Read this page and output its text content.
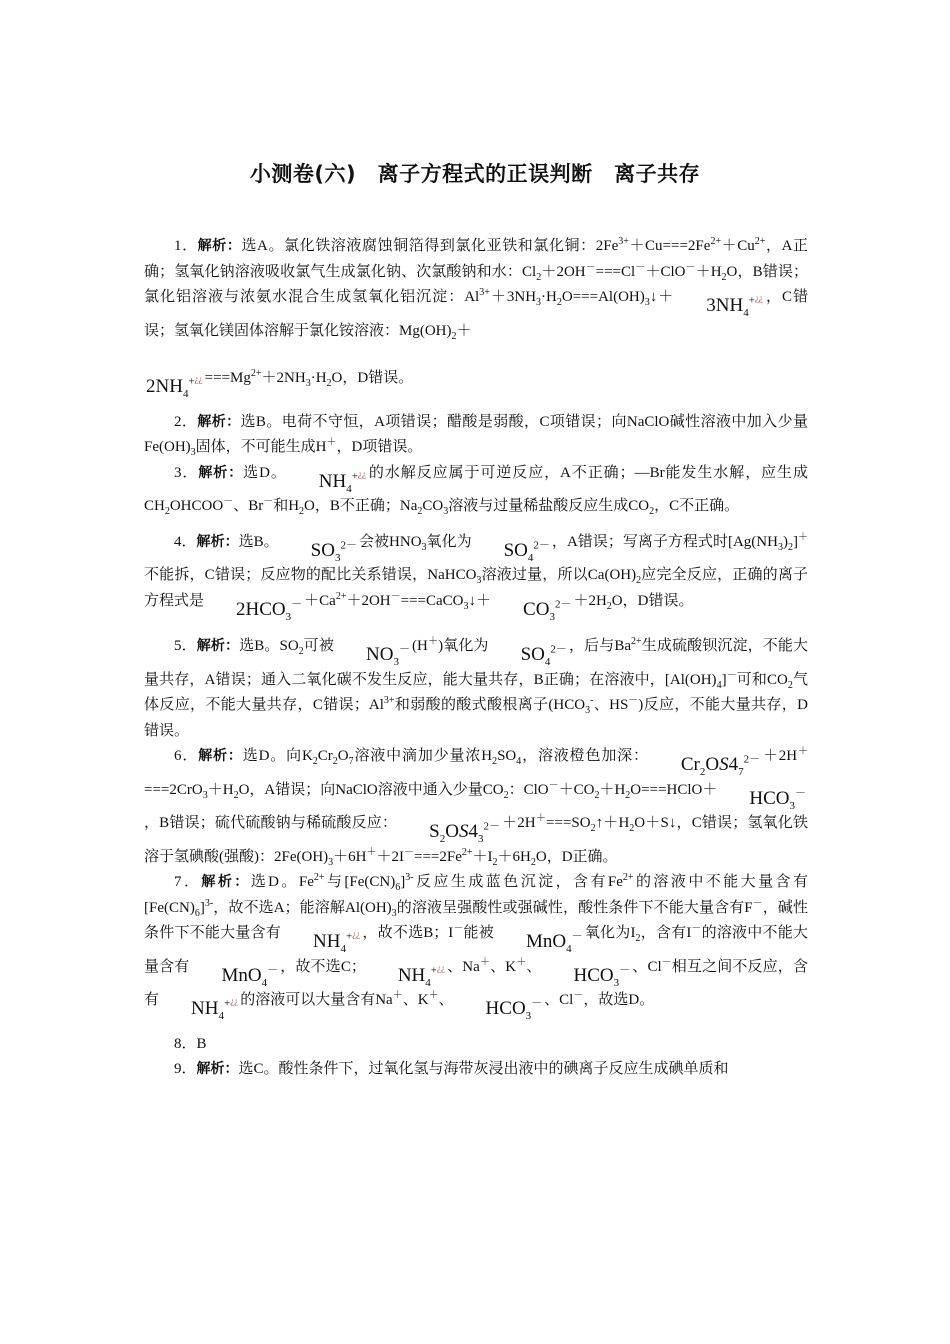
小测卷(六)　离子方程式的正误判断　离子共存

1．解析：选A。氯化铁溶液腐蚀铜箔得到氯化亚铁和氯化铜：$2Fe^{3+}+Cu===2Fe^{2+}+Cu^{2+}$，A正确；氢氧化钠溶液吸收氯气生成氯化钠、次氯酸钠和水：$Cl_2+2OH^-===Cl^-+ClO^-+H_2O$，B错误；氯化铝溶液与浓氨水混合生成氢氧化铝沉淀：$Al^{3+}+3NH_3\cdot H_2O===Al(OH)_3↓+ 3NH_4^{+¿¿}$ ，C错误；氢氧化镁固体溶解于氯化铵溶液：$Mg(OH)_2+$

$2NH_4^{+¿¿} ===Mg^{2+}+2NH_3\cdot H_2O$，D错误。

2．解析：选B。电荷不守恒，A项错误；醋酸是弱酸，C项错误；向NaClO碱性溶液中加入少量$Fe(OH)_3$固体，不可能生成H＋，D项错误。

3．解析：选D。 $NH_4^{+¿¿}$ 的水解反应属于可逆反应，A不正确；—Br能发生水解，应生成$CH_2OHCOO^-$、Br－和$H_2O$，B不正确；$Na_2CO_3$溶液与过量稀盐酸反应生成$CO_2$，C不正确。

4．解析：选B。 $SO_3^{2-}$ 会被$HNO_3$氧化为 $SO_4^{2-}$ ，A错误；写离子方程式时$[Ag(NH_3)_2]^+$不能拆，C错误；反应物的配比关系错误，NaHCO$_3$溶液过量，所以$Ca(OH)_2$应完全反应，正确的离子方程式是 $2HCO_3^-$ $+Ca^{2+}+2OH^-===CaCO_3↓+ CO_3^{2-} +2H_2O$，D错误。

5．解析：选B。$SO_2$可被 $NO_3^-$ (H＋)氧化为 $SO_4^{2-}$ ，后与$Ba^{2+}$生成硫酸钡沉淀，不能大量共存，A错误；通入二氧化碳不发生反应，能大量共存，B正确；在溶液中，$[Al(OH)_4]^-$可和$CO_2$气体反应，不能大量共存，C错误；$Al^{3+}$和弱酸的酸式酸根离子($HCO_3^-$、HS－)反应，不能大量共存，D错误。

6．解析：选D。向$K_2Cr_2O_7$溶液中滴加少量浓$H_2SO_4$，溶液橙色加深： $Cr_2OS4_7^{2-} +2H^+===2CrO_3+H_2O$，A错误；向NaClO溶液中通入少量$CO_2$：$ClO^-+CO_2+H_2O===HClO+ HCO_3^-$，B错误；硫代硫酸钠与稀硫酸反应： $S_2OS4_3^{2-}$ $+2H^+===SO_2↑+H_2O+S↓$，C错误；氢氧化铁溶于氢碘酸(强酸)：$2Fe(OH)_3+6H^++2I^-===2Fe^{2+}+I_2+6H_2O$，D正确。

7．解析：选D。$Fe^{2+}$与$[Fe(CN)_6]^{3-}$反应生成蓝色沉淀，含有$Fe^{2+}$的溶液中不能大量含有$[Fe(CN)_6]^{3-}$，故不选A；能溶解$Al(OH)_3$的溶液呈强酸性或强碱性，酸性条件下不能大量含有F－，碱性条件下不能大量含有 $NH_4^{+¿¿}$ ，故不选B；I－能被 MnO$_4$－ 氧化为$I_2$，含有I－的溶液中不能大量含有 MnO$_4$－ ，故不选C； $NH_4^{+¿¿}$ 、Na＋、K＋、 $HCO_3^-$ 、Cl－相互之间不反应，含有 $NH_4^{+¿¿}$ 的溶液可以大量含有Na＋、K＋、 $HCO_3^-$ 、Cl－，故选D。

8．B

9．解析：选C。酸性条件下，过氧化氢与海带灰浸出液中的碘离子反应生成碘单质和
